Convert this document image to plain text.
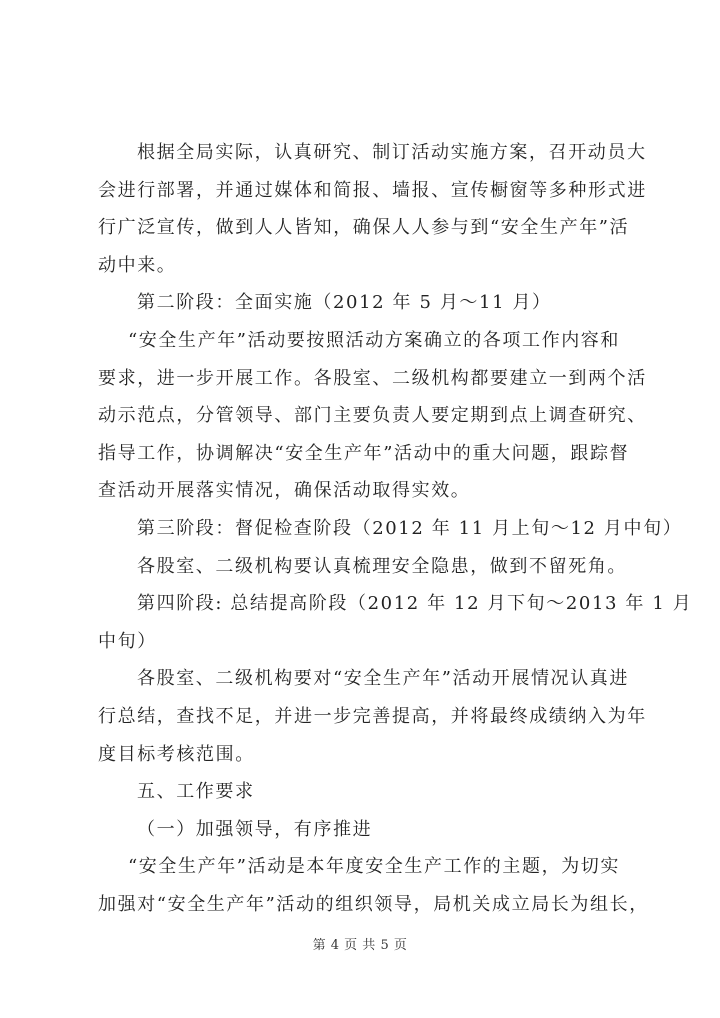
根据全局实际，认真研究、制订活动实施方案，召开动员大
会进行部署，并通过媒体和简报、墙报、宣传橱窗等多种形式进
行广泛宣传，做到人人皆知，确保人人参与到“安全生产年”活
动中来。
第二阶段：全面实施（2012 年 5 月～11 月）
“安全生产年”活动要按照活动方案确立的各项工作内容和
要求，进一步开展工作。各股室、二级机构都要建立一到两个活
动示范点，分管领导、部门主要负责人要定期到点上调查研究、
指导工作，协调解决“安全生产年”活动中的重大问题，跟踪督
查活动开展落实情况，确保活动取得实效。
第三阶段：督促检查阶段（2012 年 11 月上旬～12 月中旬）
各股室、二级机构要认真梳理安全隐患，做到不留死角。
第四阶段: 总结提高阶段（2012 年 12 月下旬～2013 年 1 月
中旬）
各股室、二级机构要对“安全生产年”活动开展情况认真进
行总结，查找不足，并进一步完善提高，并将最终成绩纳入为年
度目标考核范围。
五、工作要求
（一）加强领导，有序推进
“安全生产年”活动是本年度安全生产工作的主题，为切实
加强对“安全生产年”活动的组织领导，局机关成立局长为组长，
第 4 页 共 5 页
